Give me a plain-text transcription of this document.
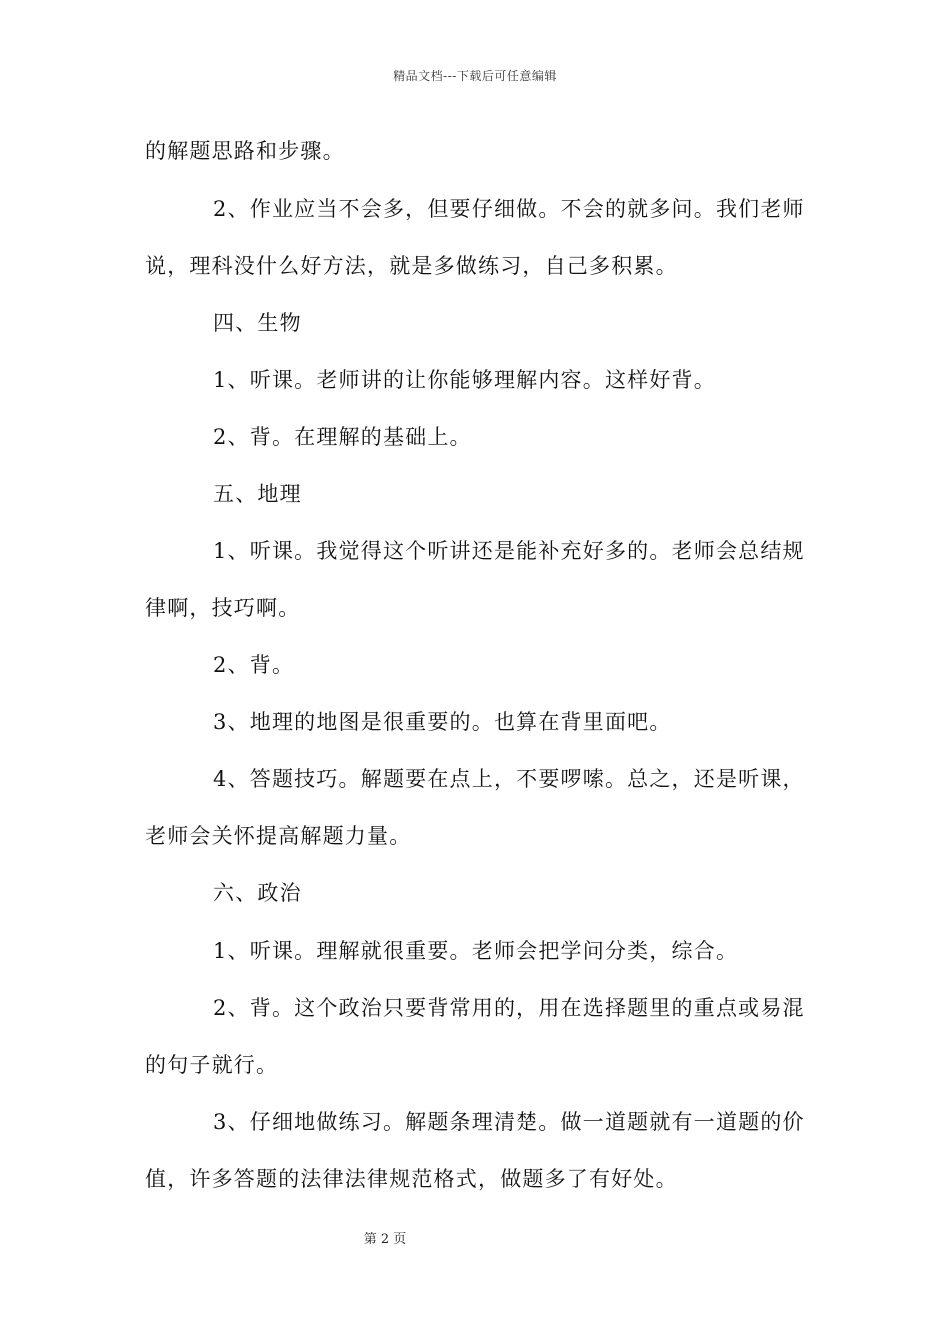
精品文档---下载后可任意编辑
的解题思路和步骤。
2、作业应当不会多，但要仔细做。不会的就多问。我们老师
说，理科没什么好方法，就是多做练习，自己多积累。
四、生物
1、听课。老师讲的让你能够理解内容。这样好背。
2、背。在理解的基础上。
五、地理
1、听课。我觉得这个听讲还是能补充好多的。老师会总结规
律啊，技巧啊。
2、背。
3、地理的地图是很重要的。也算在背里面吧。
4、答题技巧。解题要在点上，不要啰嗦。总之，还是听课，
老师会关怀提高解题力量。
六、政治
1、听课。理解就很重要。老师会把学问分类，综合。
2、背。这个政治只要背常用的，用在选择题里的重点或易混
的句子就行。
3、仔细地做练习。解题条理清楚。做一道题就有一道题的价
值，许多答题的法律法律规范格式，做题多了有好处。
第 2 页
